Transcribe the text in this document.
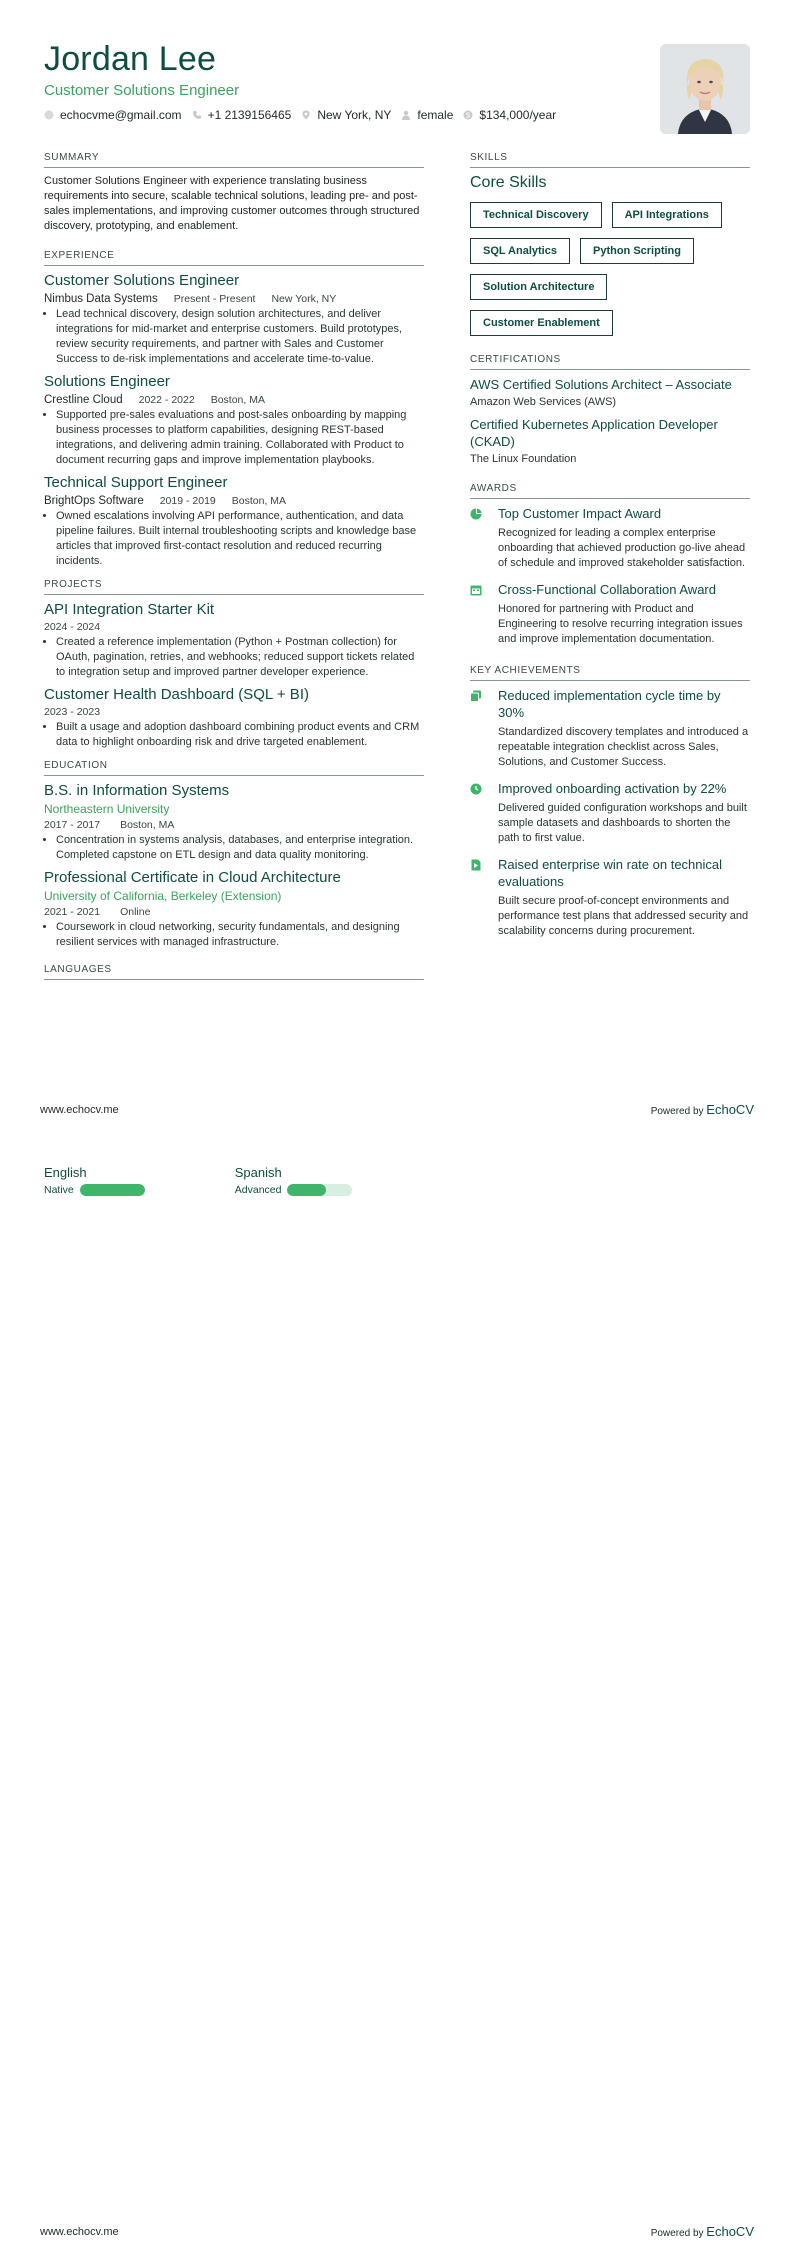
Jordan Lee
Customer Solutions Engineer
echocvme@gmail.com +1 2139156465 New York, NY female $ $134,000/year
SUMMARY

Customer Solutions Engineer with experience translating business requirements into secure, scalable technical solutions, leading pre- and post-sales implementations, and improving customer outcomes through structured discovery, prototyping, and enablement.

EXPERIENCE
Customer Solutions Engineer
Nimbus Data Systems Present - Present New York, NY
• Lead technical discovery, design solution architectures, and deliver integrations for mid-market and enterprise customers. Build prototypes, review security requirements, and partner with Sales and Customer Success to de-risk implementations and accelerate time-to-value.
Solutions Engineer
Crestline Cloud 2022 - 2022 Boston, MA
• Supported pre-sales evaluations and post-sales onboarding by mapping business processes to platform capabilities, designing REST-based integrations, and delivering admin training. Collaborated with Product to document recurring gaps and improve implementation playbooks.
Technical Support Engineer
BrightOps Software 2019 - 2019 Boston, MA
• Owned escalations involving API performance, authentication, and data pipeline failures. Built internal troubleshooting scripts and knowledge base articles that improved first-contact resolution and reduced recurring incidents.
PROJECTS
API Integration Starter Kit
2024 - 2024
• Created a reference implementation (Python + Postman collection) for OAuth, pagination, retries, and webhooks; reduced support tickets related to integration setup and improved partner developer experience.
Customer Health Dashboard (SQL + BI)
2023 - 2023
• Built a usage and adoption dashboard combining product events and CRM data to highlight onboarding risk and drive targeted enablement.
EDUCATION
B.S. in Information Systems
Northeastern University
2017 - 2017 Boston, MA
• Concentration in systems analysis, databases, and enterprise integration. Completed capstone on ETL design and data quality monitoring.
Professional Certificate in Cloud Architecture
University of California, Berkeley (Extension)
2021 - 2021 Online
• Coursework in cloud networking, security fundamentals, and designing resilient services with managed infrastructure.
LANGUAGES
SKILLS
Core Skills
Technical Discovery	API Integrations
SQL Analytics	Python Scripting
Solution Architecture
Customer Enablement
CERTIFICATIONS
AWS Certified Solutions Architect – Associate
Amazon Web Services (AWS)
Certified Kubernetes Application Developer (CKAD)
The Linux Foundation
AWARDS
Top Customer Impact Award
Recognized for leading a complex enterprise onboarding that achieved production go-live ahead of schedule and improved stakeholder satisfaction.
Cross-Functional Collaboration Award
Honored for partnering with Product and Engineering to resolve recurring integration issues and improve implementation documentation.
KEY ACHIEVEMENTS
Reduced implementation cycle time by 30%
Standardized discovery templates and introduced a repeatable integration checklist across Sales, Solutions, and Customer Success.
Improved onboarding activation by 22%
Delivered guided configuration workshops and built sample datasets and dashboards to shorten the path to first value.
Raised enterprise win rate on technical evaluations
Built secure proof-of-concept environments and performance test plans that addressed security and scalability concerns during procurement.
www.echocv.me	Powered by EchoCV
English
Native
Spanish
Advanced
www.echocv.me	Powered by EchoCV
